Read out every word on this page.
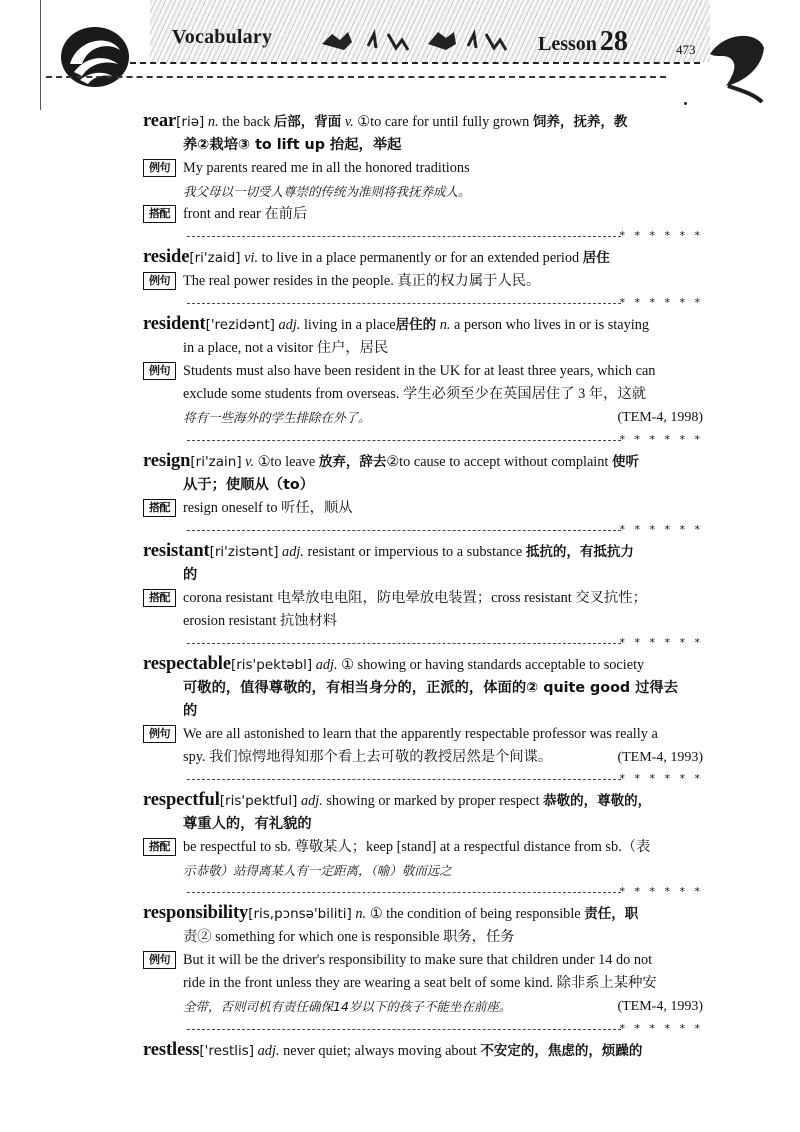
Vocabulary	Lesson 28	473

rear[riə] n. the back 后部，背面 v. ①to care for until fully grown 饲养，抚养，教

养②栽培③ to lift up 抬起，举起

例句 My parents reared me in all the honored traditions
我父母以一切受人尊崇的传统为准则将我抚养成人。
搭配 front and rear 在前后
* * * * * *

reside[ri'zaid] vi. to live in a place permanently or for an extended period 居住

例句 The real power resides in the people. 真正的权力属于人民。
* * * * * *

resident['rezidənt] adj. living in a place居住的 n. a person who lives in or is staying

in a place, not a visitor 住户，居民

例句 Students must also have been resident in the UK for at least three years, which can
exclude some students from overseas. 学生必须至少在英国居住了 3 年，这就
将有一些海外的学生排除在外了。	(TEM-4, 1998)
* * * * * *

resign[ri'zain] v. ①to leave 放弃，辞去②to cause to accept without complaint 使听

从于；使顺从（to）

搭配 resign oneself to 听任，顺从
* * * * * *

resistant[ri'zistənt] adj. resistant or impervious to a substance 抵抗的，有抵抗力

的

搭配 corona resistant 电晕放电电阻，防电晕放电装置；cross resistant 交叉抗性；
erosion resistant 抗蚀材料
* * * * * *

respectable[ris'pektəbl] adj. ① showing or having standards acceptable to society

可敬的，值得尊敬的，有相当身分的，正派的，体面的② quite good 过得去

的

例句 We are all astonished to learn that the apparently respectable professor was really a
spy. 我们惊愕地得知那个看上去可敬的教授居然是个间谍。	(TEM-4, 1993)
* * * * * *

respectful[ris'pektful] adj. showing or marked by proper respect 恭敬的，尊敬的，

尊重人的，有礼貌的

搭配 be respectful to sb. 尊敬某人；keep [stand] at a respectful distance from sb.（表
示恭敬）站得离某人有一定距离，（喻）敬而远之
* * * * * *

responsibility[ris,pɔnsə'biliti] n. ① the condition of being responsible 责任，职

责② something for which one is responsible 职务，任务

例句 But it will be the driver's responsibility to make sure that children under 14 do not
ride in the front unless they are wearing a seat belt of some kind. 除非系上某种安
全带，否则司机有责任确保14岁以下的孩子不能坐在前座。	(TEM-4, 1993)
* * * * * *

restless['restlis] adj. never quiet; always moving about 不安定的，焦虑的，烦躁的
